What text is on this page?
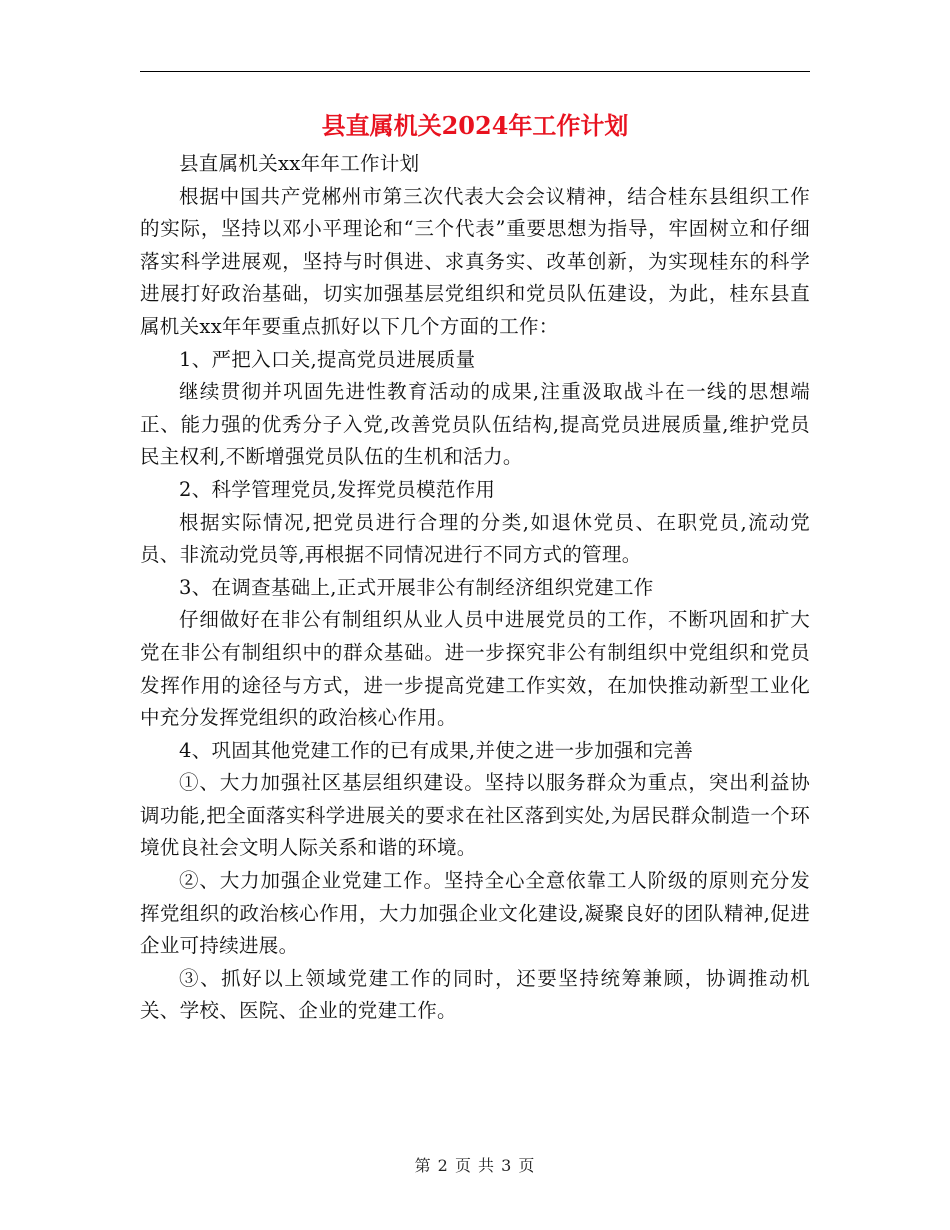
县直属机关2024年工作计划

县直属机关xx年年工作计划

根据中国共产党郴州市第三次代表大会会议精神，结合桂东县组织工作的实际，坚持以邓小平理论和“三个代表”重要思想为指导，牢固树立和仔细落实科学进展观，坚持与时俱进、求真务实、改革创新，为实现桂东的科学进展打好政治基础，切实加强基层党组织和党员队伍建设，为此，桂东县直属机关xx年年要重点抓好以下几个方面的工作：

1、严把入口关,提高党员进展质量

继续贯彻并巩固先进性教育活动的成果,注重汲取战斗在一线的思想端正、能力强的优秀分子入党,改善党员队伍结构,提高党员进展质量,维护党员民主权利,不断增强党员队伍的生机和活力。

2、科学管理党员,发挥党员模范作用

根据实际情况,把党员进行合理的分类,如退休党员、在职党员,流动党员、非流动党员等,再根据不同情况进行不同方式的管理。

3、在调查基础上,正式开展非公有制经济组织党建工作

仔细做好在非公有制组织从业人员中进展党员的工作，不断巩固和扩大党在非公有制组织中的群众基础。进一步探究非公有制组织中党组织和党员发挥作用的途径与方式，进一步提高党建工作实效，在加快推动新型工业化中充分发挥党组织的政治核心作用。

4、巩固其他党建工作的已有成果,并使之进一步加强和完善

①、大力加强社区基层组织建设。坚持以服务群众为重点，突出利益协调功能,把全面落实科学进展关的要求在社区落到实处,为居民群众制造一个环境优良社会文明人际关系和谐的环境。

②、大力加强企业党建工作。坚持全心全意依靠工人阶级的原则充分发挥党组织的政治核心作用，大力加强企业文化建设,凝聚良好的团队精神,促进企业可持续进展。

③、抓好以上领域党建工作的同时，还要坚持统筹兼顾，协调推动机关、学校、医院、企业的党建工作。

第 2 页 共 3 页
